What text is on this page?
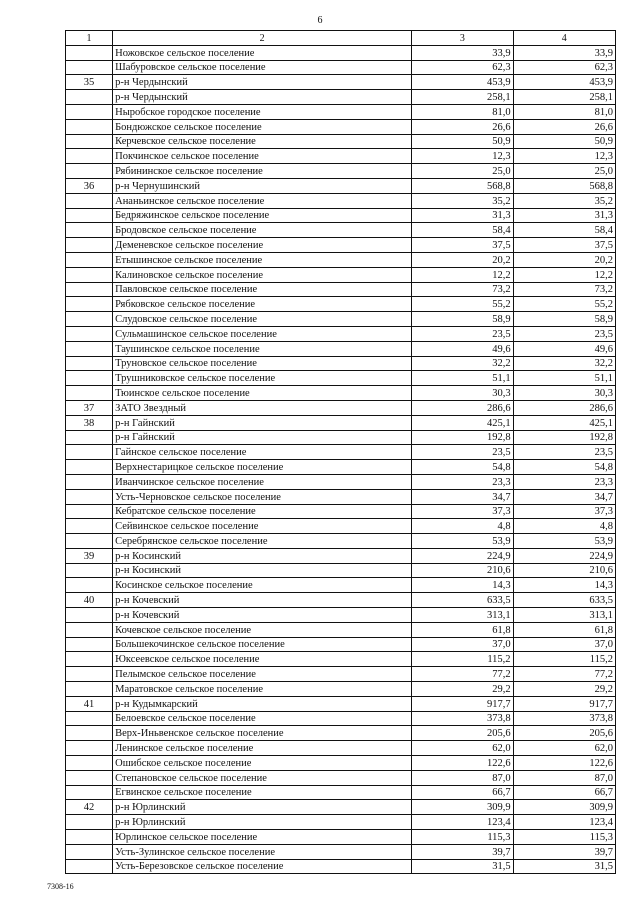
6
1	2	3	4
	Ножовское сельское поселение	33,9	33,9
	Шабуровское сельское поселение	62,3	62,3
35	р-н Чердынский	453,9	453,9
	р-н Чердынский	258,1	258,1
	Ныробское городское поселение	81,0	81,0
	Бондюжское сельское поселение	26,6	26,6
	Керчевское сельское поселение	50,9	50,9
	Покчинское сельское поселение	12,3	12,3
	Рябининское сельское поселение	25,0	25,0
36	р-н Чернушинский	568,8	568,8
	Ананьинское сельское поселение	35,2	35,2
	Бедряжинское сельское поселение	31,3	31,3
	Бродовское сельское поселение	58,4	58,4
	Деменевское сельское поселение	37,5	37,5
	Етышинское сельское поселение	20,2	20,2
	Калиновское сельское поселение	12,2	12,2
	Павловское сельское поселение	73,2	73,2
	Рябковское сельское поселение	55,2	55,2
	Слудовское сельское поселение	58,9	58,9
	Сульмашинское сельское поселение	23,5	23,5
	Таушинское сельское поселение	49,6	49,6
	Труновское сельское поселение	32,2	32,2
	Трушниковское сельское поселение	51,1	51,1
	Тюинское сельское поселение	30,3	30,3
37	ЗАТО Звездный	286,6	286,6
38	р-н Гайнский	425,1	425,1
	р-н Гайнский	192,8	192,8
	Гайнское сельское поселение	23,5	23,5
	Верхнестарицкое сельское поселение	54,8	54,8
	Иванчинское сельское поселение	23,3	23,3
	Усть-Черновское сельское поселение	34,7	34,7
	Кебратское сельское поселение	37,3	37,3
	Сейвинское сельское поселение	4,8	4,8
	Серебрянское сельское поселение	53,9	53,9
39	р-н Косинский	224,9	224,9
	р-н Косинский	210,6	210,6
	Косинское сельское поселение	14,3	14,3
40	р-н Кочевский	633,5	633,5
	р-н Кочевский	313,1	313,1
	Кочевское сельское поселение	61,8	61,8
	Большекочинское сельское поселение	37,0	37,0
	Юксеевское сельское поселение	115,2	115,2
	Пелымское сельское поселение	77,2	77,2
	Маратовское сельское поселение	29,2	29,2
41	р-н Кудымкарский	917,7	917,7
	Белоевское сельское поселение	373,8	373,8
	Верх-Иньвенское сельское поселение	205,6	205,6
	Ленинское сельское поселение	62,0	62,0
	Ошибское сельское поселение	122,6	122,6
	Степановское сельское поселение	87,0	87,0
	Егвинское сельское поселение	66,7	66,7
42	р-н Юрлинский	309,9	309,9
	р-н Юрлинский	123,4	123,4
	Юрлинское сельское поселение	115,3	115,3
	Усть-Зулинское сельское поселение	39,7	39,7
	Усть-Березовское сельское поселение	31,5	31,5
7308-16
